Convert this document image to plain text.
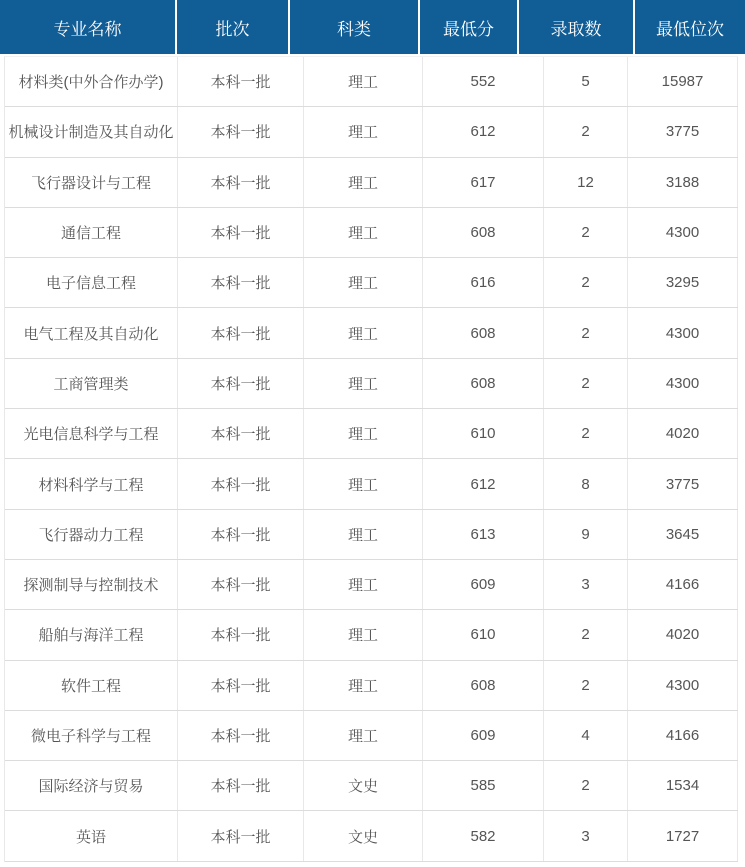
专业名称	批次	科类	最低分	录取数	最低位次
材料类(中外合作办学)	本科一批	理工	552	5	15987
机械设计制造及其自动化	本科一批	理工	612	2	3775
飞行器设计与工程	本科一批	理工	617	12	3188
通信工程	本科一批	理工	608	2	4300
电子信息工程	本科一批	理工	616	2	3295
电气工程及其自动化	本科一批	理工	608	2	4300
工商管理类	本科一批	理工	608	2	4300
光电信息科学与工程	本科一批	理工	610	2	4020
材料科学与工程	本科一批	理工	612	8	3775
飞行器动力工程	本科一批	理工	613	9	3645
探测制导与控制技术	本科一批	理工	609	3	4166
船舶与海洋工程	本科一批	理工	610	2	4020
软件工程	本科一批	理工	608	2	4300
微电子科学与工程	本科一批	理工	609	4	4166
国际经济与贸易	本科一批	文史	585	2	1534
英语	本科一批	文史	582	3	1727
